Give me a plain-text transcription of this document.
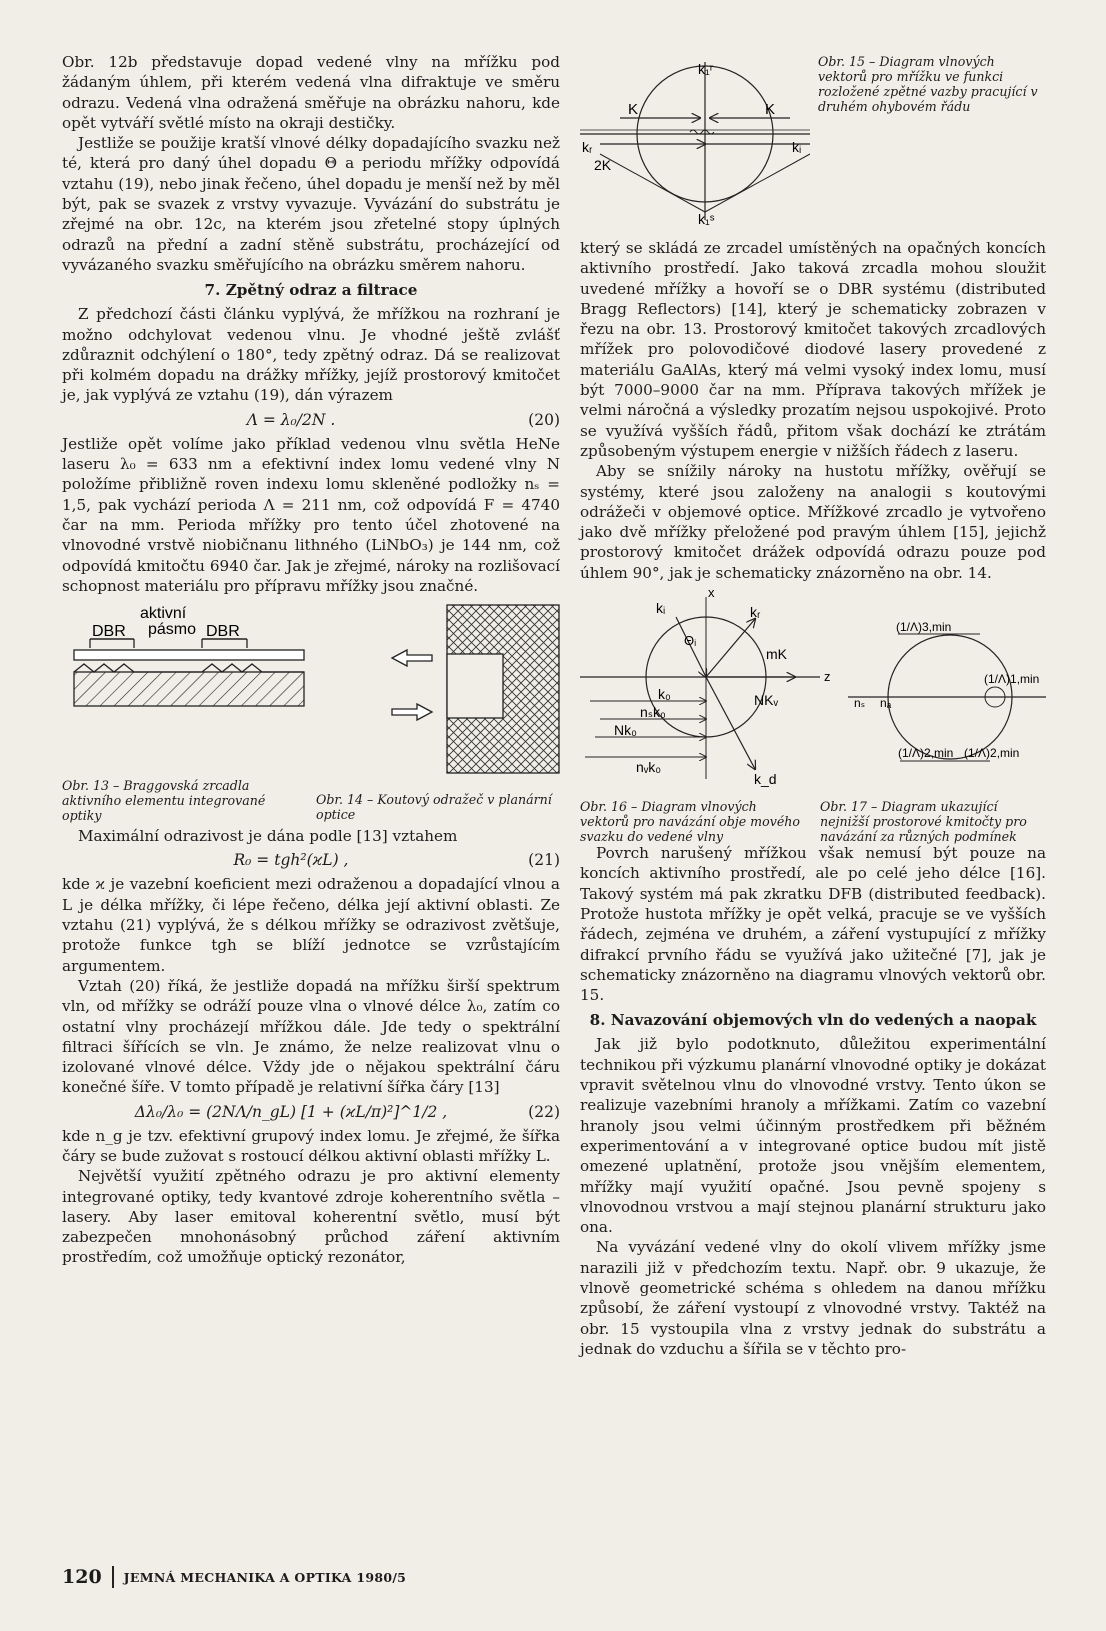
Obr. 12b představuje dopad vedené vlny na mřížku pod žádaným úhlem, při kterém vedená vlna difraktuje ve směru odrazu. Vedená vlna odražená směřuje na obrázku nahoru, kde opět vytváří světlé místo na okraji destičky.

Jestliže se použije kratší vlnové délky dopadajícího svazku než té, která pro daný úhel dopadu Θ a periodu mřížky odpovídá vztahu (19), nebo jinak řečeno, úhel dopadu je menší než by měl být, pak se svazek z vrstvy vyvazuje. Vyvázání do substrátu je zřejmé na obr. 12c, na kterém jsou zřetelné stopy úplných odrazů na přední a zadní stěně substrátu, procházející od vyvázaného svazku směřujícího na obrázku směrem nahoru.

7. Zpětný odraz a filtrace

Z předchozí části článku vyplývá, že mřížkou na rozhraní je možno odchylovat vedenou vlnu. Je vhodné ještě zvlášť zdůraznit odchýlení o 180°, tedy zpětný odraz. Dá se realizovat při kolmém dopadu na drážky mřížky, jejíž prostorový kmitočet je, jak vyplývá ze vztahu (19), dán výrazem

Λ = λ₀/2N .	(20)

Jestliže opět volíme jako příklad vedenou vlnu světla HeNe laseru λ₀ = 633 nm a efektivní index lomu vedené vlny N položíme přibližně roven indexu lomu skleněné podložky nₛ = 1,5, pak vychází perioda Λ = 211 nm, což odpovídá F = 4740 čar na mm. Perioda mřížky pro tento účel zhotovené na vlnovodné vrstvě niobičnanu lithného (LiNbO₃) je 144 nm, což odpovídá kmitočtu 6940 čar. Jak je zřejmé, nároky na rozlišovací schopnost materiálu pro přípravu mřížky jsou značné.

aktivní
DBR pásmo DBR
Obr. 13 – Braggovská zrcadla aktivního elementu integrované optiky
Obr. 14 – Koutový odražeč v planární optice

Maximální odrazivost je dána podle [13] vztahem

R₀ = tgh²(ϰL) ,	(21)

kde ϰ je vazební koeficient mezi odraženou a dopadající vlnou a L je délka mřížky, či lépe řečeno, délka její aktivní oblasti. Ze vztahu (21) vyplývá, že s délkou mřížky se odrazivost zvětšuje, protože funkce tgh se blíží jednotce se vzrůstajícím argumentem.

Vztah (20) říká, že jestliže dopadá na mřížku širší spektrum vln, od mřížky se odráží pouze vlna o vlnové délce λ₀, zatím co ostatní vlny procházejí mřížkou dále. Jde tedy o spektrální filtraci šířících se vln. Je známo, že nelze realizovat vlnu o izolované vlnové délce. Vždy jde o nějakou spektrální čáru konečné šíře. V tomto případě je relativní šířka čáry [13]

Δλ₀/λ₀ = (2NΛ/n_gL) [1 + (ϰL/π)²]^1/2 ,	(22)

kde n_g je tzv. efektivní grupový index lomu. Je zřejmé, že šířka čáry se bude zužovat s rostoucí délkou aktivní oblasti mřížky L.

Největší využití zpětného odrazu je pro aktivní elementy integrované optiky, tedy kvantové zdroje koherentního světla – lasery. Aby laser emitoval koherentní světlo, musí být zabezpečen mnohonásobný průchod záření aktivním prostředím, což umožňuje optický rezonátor,

k₁ʳ
K	K
kᵣ	kᵢ
2K
k₁ˢ
Obr. 15 – Diagram vlnových vektorů pro mřížku ve funkci rozložené zpětné vazby pracující v druhém ohybovém řádu

který se skládá ze zrcadel umístěných na opačných koncích aktivního prostředí. Jako taková zrcadla mohou sloužit uvedené mřížky a hovoří se o DBR systému (distributed Bragg Reflectors) [14], který je schematicky zobrazen v řezu na obr. 13. Prostorový kmitočet takových zrcadlových mřížek pro polovodičové diodové lasery provedené z materiálu GaAlAs, který má velmi vysoký index lomu, musí být 7000–9000 čar na mm. Příprava takových mřížek je velmi náročná a výsledky prozatím nejsou uspokojivé. Proto se využívá vyšších řádů, přitom však dochází ke ztrátám způsobeným výstupem energie v nižších řádech z laseru.

Aby se snížily nároky na hustotu mřížky, ověřují se systémy, které jsou založeny na analogii s koutovými odrážeči v objemové optice. Mřížkové zrcadlo je vytvořeno jako dvě mřížky přeložené pod pravým úhlem [15], jejichž prostorový kmitočet drážek odpovídá odrazu pouze pod úhlem 90°, jak je schematicky znázorněno na obr. 14.

x
z
kᵢ	kᵣ
Θᵢ
mK
NKᵥ
k₀
nₛk₀
Nk₀
nᵥk₀
k_d
(1/Λ)3,min
(1/Λ)1,min
nₛ nₐ
(1/Λ)2,min (1/Λ)2,min
Obr. 16 – Diagram vlnových vektorů pro navázání obje mového svazku do vedené vlny
Obr. 17 – Diagram ukazující nejnižší prostorové kmitočty pro navázání za různých podmínek

Povrch narušený mřížkou však nemusí být pouze na koncích aktivního prostředí, ale po celé jeho délce [16]. Takový systém má pak zkratku DFB (distributed feedback). Protože hustota mřížky je opět velká, pracuje se ve vyšších řádech, zejména ve druhém, a záření vystupující z mřížky difrakcí prvního řádu se využívá jako užitečné [7], jak je schematicky znázorněno na diagramu vlnových vektorů obr. 15.

8. Navazování objemových vln do vedených a naopak

Jak již bylo podotknuto, důležitou experimentální technikou při výzkumu planární vlnovodné optiky je dokázat vpravit světelnou vlnu do vlnovodné vrstvy. Tento úkon se realizuje vazebními hranoly a mřížkami. Zatím co vazební hranoly jsou velmi účinným prostředkem při běžném experimentování a v integrované optice budou mít jistě omezené uplatnění, protože jsou vnějším elementem, mřížky mají využití opačné. Jsou pevně spojeny s vlnovodnou vrstvou a mají stejnou planární strukturu jako ona.

Na vyvázání vedené vlny do okolí vlivem mřížky jsme narazili již v předchozím textu. Např. obr. 9 ukazuje, že vlnově geometrické schéma s ohledem na danou mřížku způsobí, že záření vystoupí z vlnovodné vrstvy. Taktéž na obr. 15 vystoupila vlna z vrstvy jednak do substrátu a jednak do vzduchu a šířila se v těchto pro-

120 JEMNÁ MECHANIKA A OPTIKA 1980/5
